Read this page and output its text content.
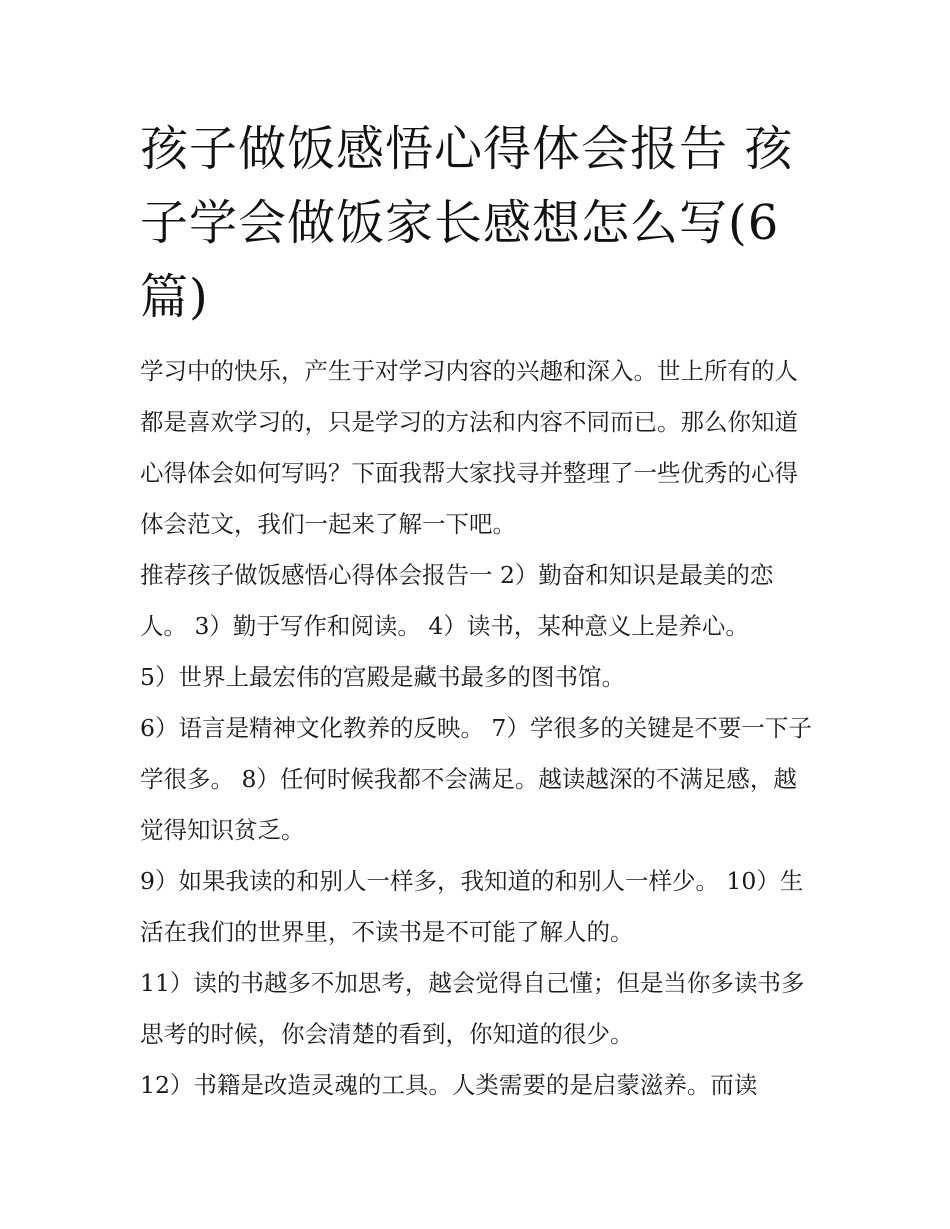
孩子做饭感悟心得体会报告 孩子学会做饭家长感想怎么写(6篇)

学习中的快乐，产生于对学习内容的兴趣和深入。世上所有的人都是喜欢学习的，只是学习的方法和内容不同而已。那么你知道心得体会如何写吗？下面我帮大家找寻并整理了一些优秀的心得体会范文，我们一起来了解一下吧。

推荐孩子做饭感悟心得体会报告一 2）勤奋和知识是最美的恋人。 3）勤于写作和阅读。 4）读书，某种意义上是养心。

5）世界上最宏伟的宫殿是藏书最多的图书馆。

6）语言是精神文化教养的反映。 7）学很多的关键是不要一下子学很多。 8）任何时候我都不会满足。越读越深的不满足感，越觉得知识贫乏。

9）如果我读的和别人一样多，我知道的和别人一样少。 10）生活在我们的世界里，不读书是不可能了解人的。

11）读的书越多不加思考，越会觉得自己懂；但是当你多读书多思考的时候，你会清楚的看到，你知道的很少。

12）书籍是改造灵魂的工具。人类需要的是启蒙滋养。而读
